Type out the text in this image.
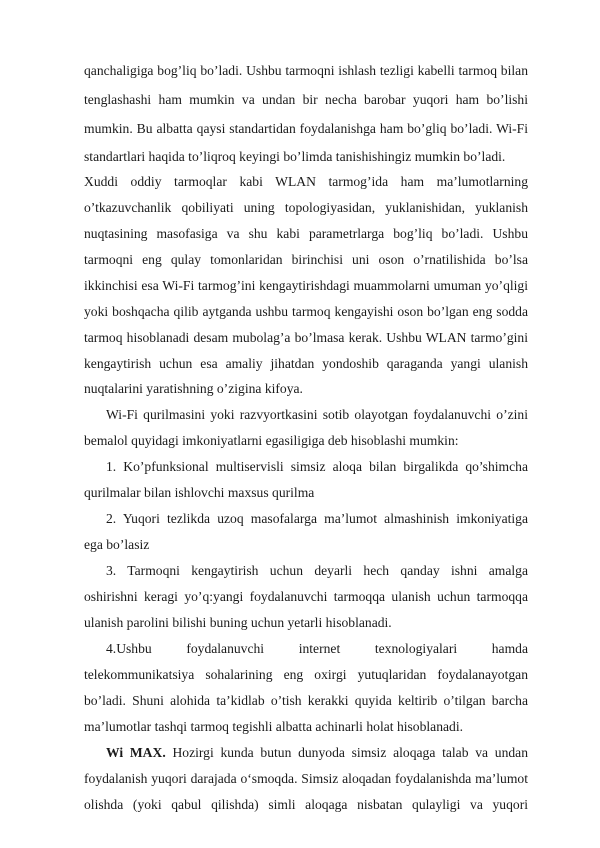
qanchaligiga bog’liq bo’ladi. Ushbu tarmoqni ishlash tezligi kabelli tarmoq bilan
tenglashashi ham mumkin va undan bir necha barobar yuqori ham bo’lishi
mumkin. Bu albatta qaysi standartidan foydalanishga ham bo’gliq bo’ladi. Wi-Fi
standartlari haqida to’liqroq keyingi bo’limda tanishishingiz mumkin bo’ladi.
Xuddi oddiy tarmoqlar kabi WLAN tarmog’ida ham ma’lumotlarning
o’tkazuvchanlik qobiliyati uning topologiyasidan, yuklanishidan, yuklanish
nuqtasining masofasiga va shu kabi parametrlarga bog’liq bo’ladi. Ushbu
tarmoqni eng qulay tomonlaridan birinchisi uni oson o’rnatilishida bo’lsa
ikkinchisi esa Wi-Fi tarmog’ini kengaytirishdagi muammolarni umuman yo’qligi
yoki boshqacha qilib aytganda ushbu tarmoq kengayishi oson bo’lgan eng sodda
tarmoq hisoblanadi desam mubolag’a bo’lmasa kerak. Ushbu WLAN tarmo’gini
kengaytirish uchun esa amaliy jihatdan yondoshib qaraganda yangi ulanish
nuqtalarini yaratishning o’zigina kifoya.
Wi-Fi qurilmasini yoki razvyortkasini sotib olayotgan foydalanuvchi o’zini
bemalol quyidagi imkoniyatlarni egasiligiga deb hisoblashi mumkin:
1. Ko’pfunksional multiservisli simsiz aloqa bilan birgalikda qo’shimcha
qurilmalar bilan ishlovchi maxsus qurilma
2. Yuqori tezlikda uzoq masofalarga ma’lumot almashinish imkoniyatiga
ega bo’lasiz
3. Tarmoqni kengaytirish uchun deyarli hech qanday ishni amalga
oshirishni keragi yo’q:yangi foydalanuvchi tarmoqqa ulanish uchun tarmoqqa
ulanish parolini bilishi buning uchun yetarli hisoblanadi.
4.Ushbu foydalanuvchi internet texnologiyalari hamda
telekommunikatsiya sohalarining eng oxirgi yutuqlaridan foydalanayotgan
bo’ladi. Shuni alohida ta’kidlab o’tish kerakki quyida keltirib o’tilgan barcha
ma’lumotlar tashqi tarmoq tegishli albatta achinarli holat hisoblanadi.
Wi MAX. Hozirgi kunda butun dunyoda simsiz aloqaga talab va undan
foydalanish yuqori darajada o‘smoqda. Simsiz aloqadan foydalanishda ma’lumot
olishda (yoki qabul qilishda) simli aloqaga nisbatan qulayligi va yuqori
